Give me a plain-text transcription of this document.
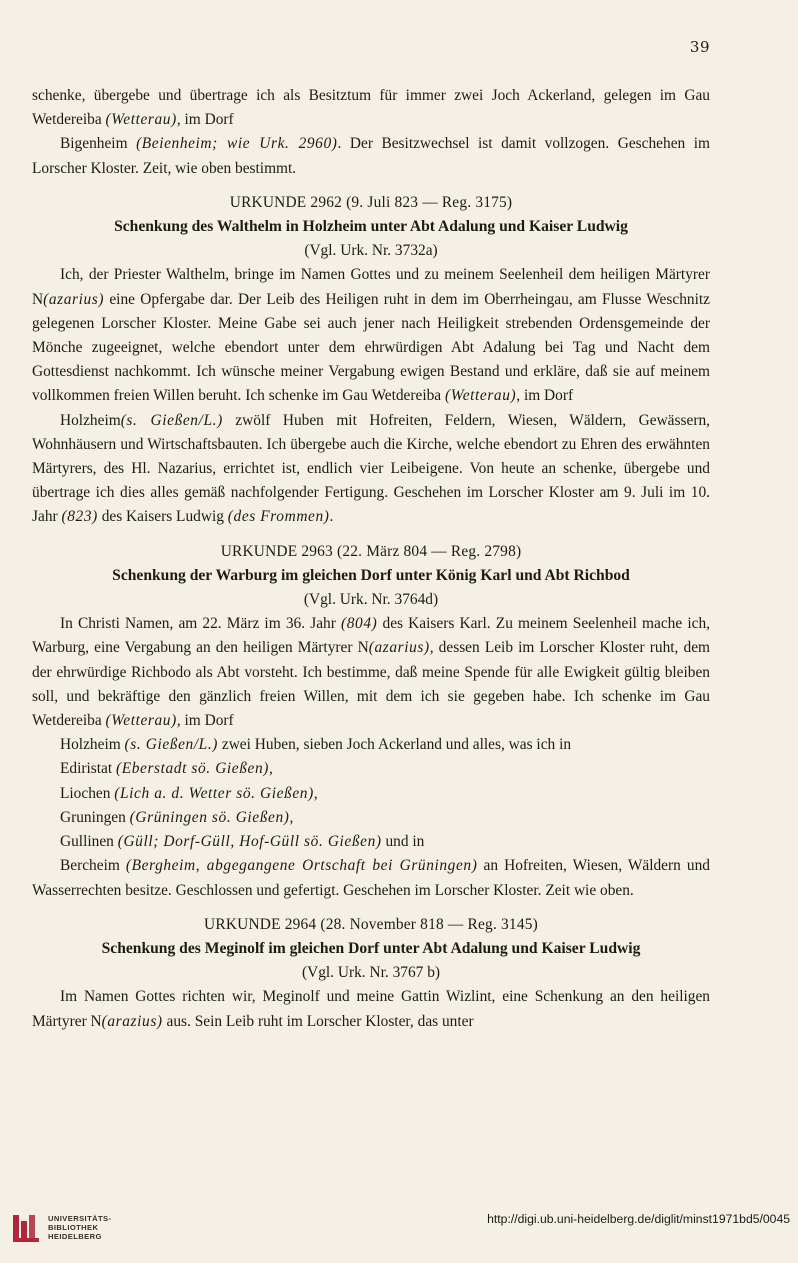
39

schenke, übergebe und übertrage ich als Besitztum für immer zwei Joch Ackerland, gelegen im Gau Wetdereiba (Wetterau), im Dorf

Bigenheim (Beienheim; wie Urk. 2960). Der Besitzwechsel ist damit vollzogen. Geschehen im Lorscher Kloster. Zeit, wie oben bestimmt.

URKUNDE 2962 (9. Juli 823 — Reg. 3175)

Schenkung des Walthelm in Holzheim unter Abt Adalung und Kaiser Ludwig

(Vgl. Urk. Nr. 3732a)

Ich, der Priester Walthelm, bringe im Namen Gottes und zu meinem Seelenheil dem heiligen Märtyrer N(azarius) eine Opfergabe dar. Der Leib des Heiligen ruht in dem im Oberrheingau, am Flusse Weschnitz gelegenen Lorscher Kloster. Meine Gabe sei auch jener nach Heiligkeit strebenden Ordensgemeinde der Mönche zugeeignet, welche ebendort unter dem ehrwürdigen Abt Adalung bei Tag und Nacht dem Gottesdienst nachkommt. Ich wünsche meiner Vergabung ewigen Bestand und erkläre, daß sie auf meinem vollkommen freien Willen beruht. Ich schenke im Gau Wetdereiba (Wetterau), im Dorf

Holzheim(s. Gießen/L.) zwölf Huben mit Hofreiten, Feldern, Wiesen, Wäldern, Gewässern, Wohnhäusern und Wirtschaftsbauten. Ich übergebe auch die Kirche, welche ebendort zu Ehren des erwähnten Märtyrers, des Hl. Nazarius, errichtet ist, endlich vier Leibeigene. Von heute an schenke, übergebe und übertrage ich dies alles gemäß nachfolgender Fertigung. Geschehen im Lorscher Kloster am 9. Juli im 10. Jahr (823) des Kaisers Ludwig (des Frommen).

URKUNDE 2963 (22. März 804 — Reg. 2798)

Schenkung der Warburg im gleichen Dorf unter König Karl und Abt Richbod

(Vgl. Urk. Nr. 3764d)

In Christi Namen, am 22. März im 36. Jahr (804) des Kaisers Karl. Zu meinem Seelenheil mache ich, Warburg, eine Vergabung an den heiligen Märtyrer N(azarius), dessen Leib im Lorscher Kloster ruht, dem der ehrwürdige Richbodo als Abt vorsteht. Ich bestimme, daß meine Spende für alle Ewigkeit gültig bleiben soll, und bekräftige den gänzlich freien Willen, mit dem ich sie gegeben habe. Ich schenke im Gau Wetdereiba (Wetterau), im Dorf

Holzheim (s. Gießen/L.) zwei Huben, sieben Joch Ackerland und alles, was ich in

Ediristat (Eberstadt sö. Gießen),

Liochen (Lich a. d. Wetter sö. Gießen),

Gruningen (Grüningen sö. Gießen),

Gullinen (Güll; Dorf-Güll, Hof-Güll sö. Gießen) und in

Bercheim (Bergheim, abgegangene Ortschaft bei Grüningen) an Hofreiten, Wiesen, Wäldern und Wasserrechten besitze. Geschlossen und gefertigt. Geschehen im Lorscher Kloster. Zeit wie oben.

URKUNDE 2964 (28. November 818 — Reg. 3145)

Schenkung des Meginolf im gleichen Dorf unter Abt Adalung und Kaiser Ludwig

(Vgl. Urk. Nr. 3767 b)

Im Namen Gottes richten wir, Meginolf und meine Gattin Wizlint, eine Schenkung an den heiligen Märtyrer N(arazius) aus. Sein Leib ruht im Lorscher Kloster, das unter

UNIVERSITÄTS-
BIBLIOTHEK
HEIDELBERG
http://digi.ub.uni-heidelberg.de/diglit/minst1971bd5/0045
